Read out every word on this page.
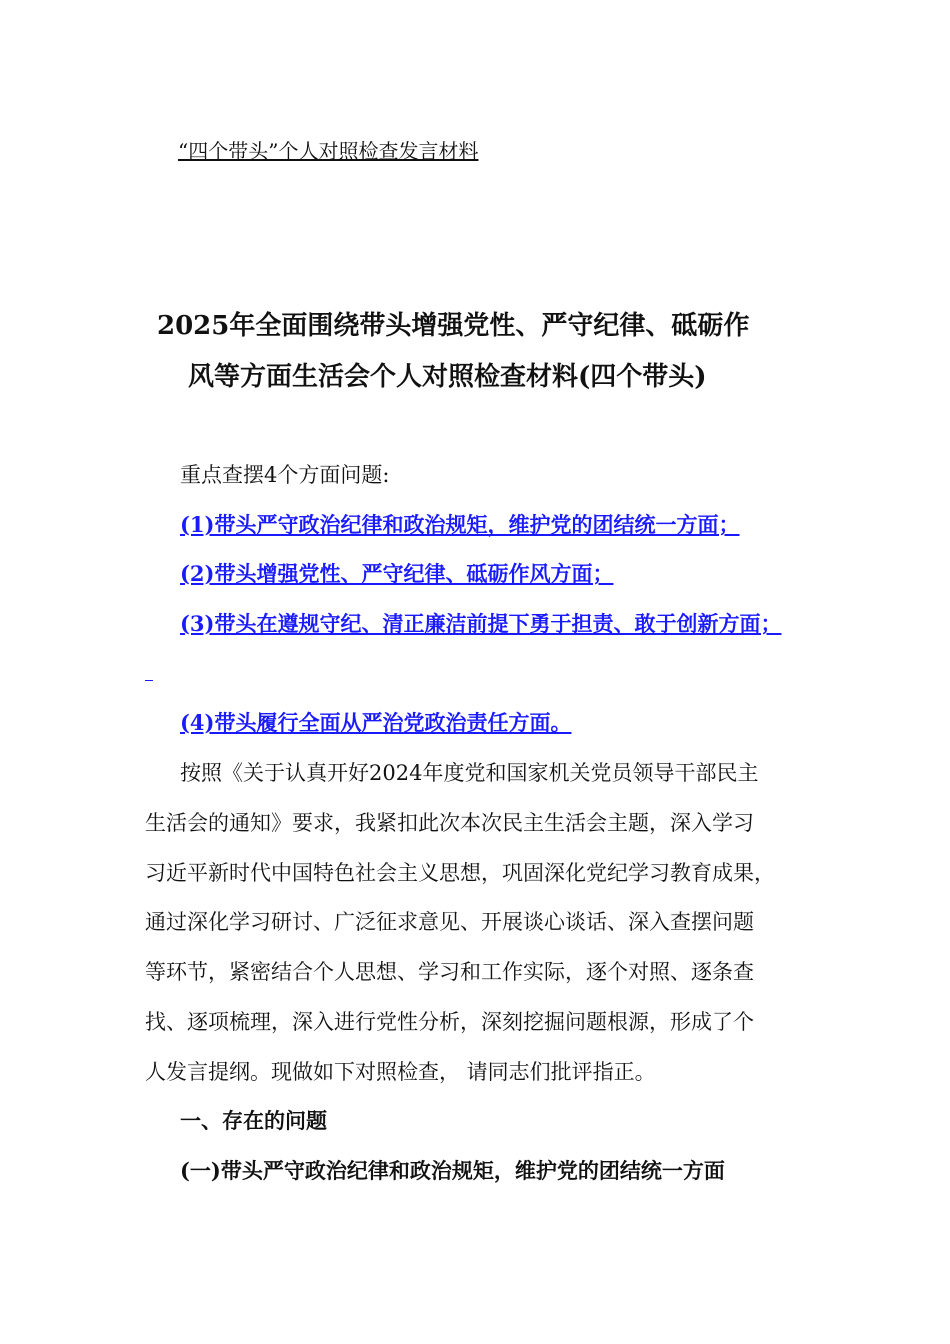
“四个带头”个人对照检查发言材料
2025年全面围绕带头增强党性、严守纪律、砥砺作
风等方面生活会个人对照检查材料(四个带头)
重点查摆4个方面问题:
(1)带头严守政治纪律和政治规矩，维护党的团结统一方面；
(2)带头增强党性、严守纪律、砥砺作风方面；
(3)带头在遵规守纪、清正廉洁前提下勇于担责、敢于创新方面；
(4)带头履行全面从严治党政治责任方面。
按照《关于认真开好2024年度党和国家机关党员领导干部民主
生活会的通知》要求，我紧扣此次本次民主生活会主题，深入学习
习近平新时代中国特色社会主义思想，巩固深化党纪学习教育成果，
通过深化学习研讨、广泛征求意见、开展谈心谈话、深入查摆问题
等环节，紧密结合个人思想、学习和工作实际，逐个对照、逐条查
找、逐项梳理，深入进行党性分析，深刻挖掘问题根源，形成了个
人发言提纲。现做如下对照检查， 请同志们批评指正。
一、存在的问题
(一)带头严守政治纪律和政治规矩，维护党的团结统一方面
